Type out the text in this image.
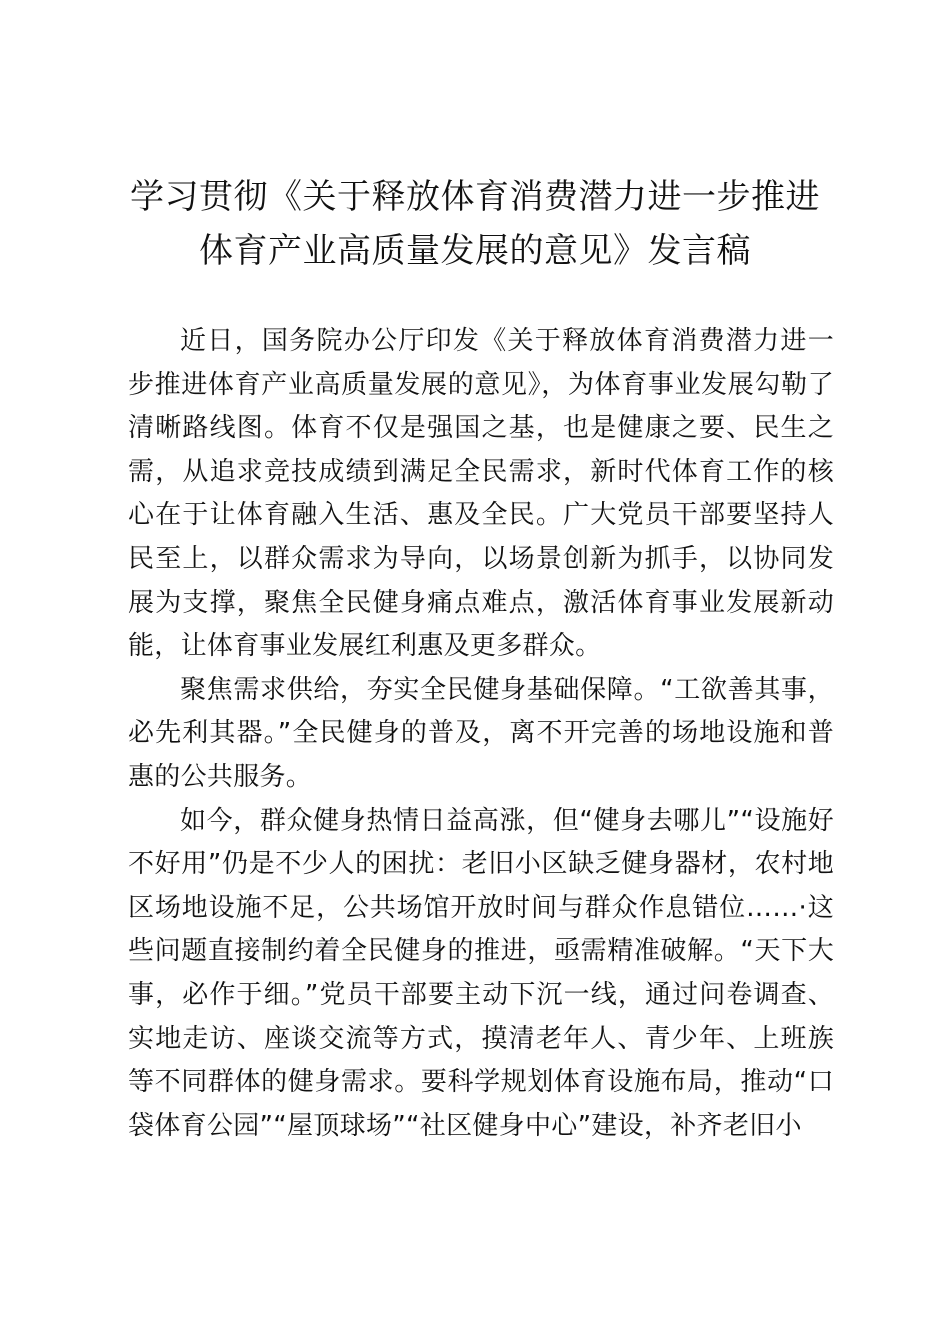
学习贯彻《关于释放体育消费潜力进一步推进
体育产业高质量发展的意见》发言稿

近日，国务院办公厅印发《关于释放体育消费潜力进一步推进体育产业高质量发展的意见》，为体育事业发展勾勒了清晰路线图。体育不仅是强国之基，也是健康之要、民生之需，从追求竞技成绩到满足全民需求，新时代体育工作的核心在于让体育融入生活、惠及全民。广大党员干部要坚持人民至上，以群众需求为导向，以场景创新为抓手，以协同发展为支撑，聚焦全民健身痛点难点，激活体育事业发展新动能，让体育事业发展红利惠及更多群众。

聚焦需求供给，夯实全民健身基础保障。“工欲善其事，必先利其器。”全民健身的普及，离不开完善的场地设施和普惠的公共服务。

如今，群众健身热情日益高涨，但“健身去哪儿”“设施好不好用”仍是不少人的困扰：老旧小区缺乏健身器材，农村地区场地设施不足，公共场馆开放时间与群众作息错位……·这些问题直接制约着全民健身的推进，亟需精准破解。“天下大事，必作于细。”党员干部要主动下沉一线，通过问卷调查、实地走访、座谈交流等方式，摸清老年人、青少年、上班族等不同群体的健身需求。要科学规划体育设施布局，推动“口袋体育公园”“屋顶球场”“社区健身中心”建设，补齐老旧小
